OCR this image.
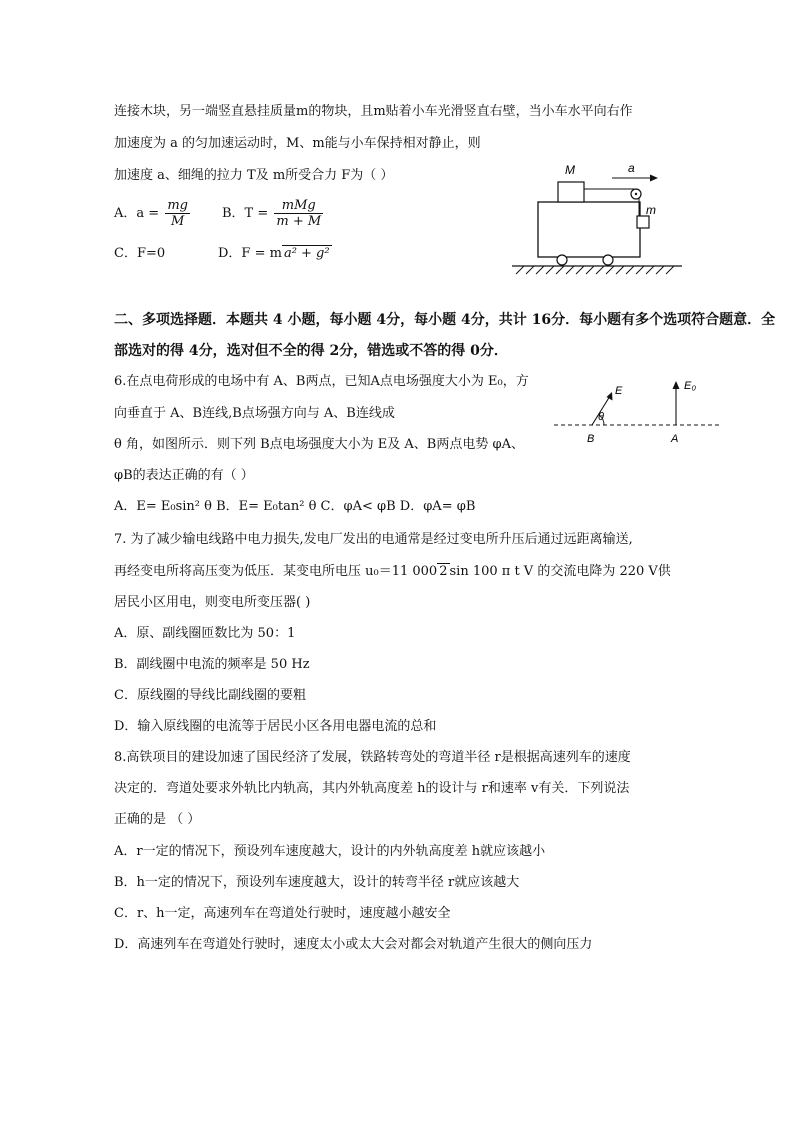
连接木块，另一端竖直悬挂质量m的物块，且m贴着小车光滑竖直右壁，当小车水平向右作
加速度为 a 的匀加速运动时，M、m能与小车保持相对静止，则
加速度 a、细绳的拉力 T及 m所受合力 F为（ ）
A．$a = \frac{mg}{M}$ B．$T = \frac{\text{mMg}}{m + M}$
C．F=0	D．F = m a² + g²
M	a
m
二、多项选择题．本题共 4 小题，每小题 4分，每小题 4分，共计 16分．每小题有多个选项符合题意．全
部选对的得 4分，选对但不全的得 2分，错选或不答的得 0分．
6.在点电荷形成的电场中有 A、B两点，已知A点电场强度大小为 E₀，方
向垂直于 A、B连线,B点场强方向与 A、B连线成
θ 角，如图所示．则下列 B点电场强度大小为 E及 A、B两点电势 φA、
φB的表达正确的有（ ）
A．E= E₀sin² θ B．E= E₀tan² θ C．φA< φB D．φA= φB
E	E₀
θ
B	A
7. 为了减少输电线路中电力损失,发电厂发出的电通常是经过变电所升压后通过远距离输送,
再经变电所将高压变为低压．某变电所电压 u₀＝11 000 2 sin 100 π t V 的交流电降为 220 V供
居民小区用电，则变电所变压器( )
A．原、副线圈匝数比为 50：1
B．副线圈中电流的频率是 50 Hz
C．原线圈的导线比副线圈的要粗
D．输入原线圈的电流等于居民小区各用电器电流的总和
8.高铁项目的建设加速了国民经济了发展，铁路转弯处的弯道半径 r是根据高速列车的速度
决定的．弯道处要求外轨比内轨高，其内外轨高度差 h的设计与 r和速率 v有关．下列说法
正确的是 （ ）
A．r一定的情况下，预设列车速度越大，设计的内外轨高度差 h就应该越小
B．h一定的情况下，预设列车速度越大，设计的转弯半径 r就应该越大
C．r、h一定，高速列车在弯道处行驶时，速度越小越安全
D．高速列车在弯道处行驶时，速度太小或太大会对都会对轨道产生很大的侧向压力
